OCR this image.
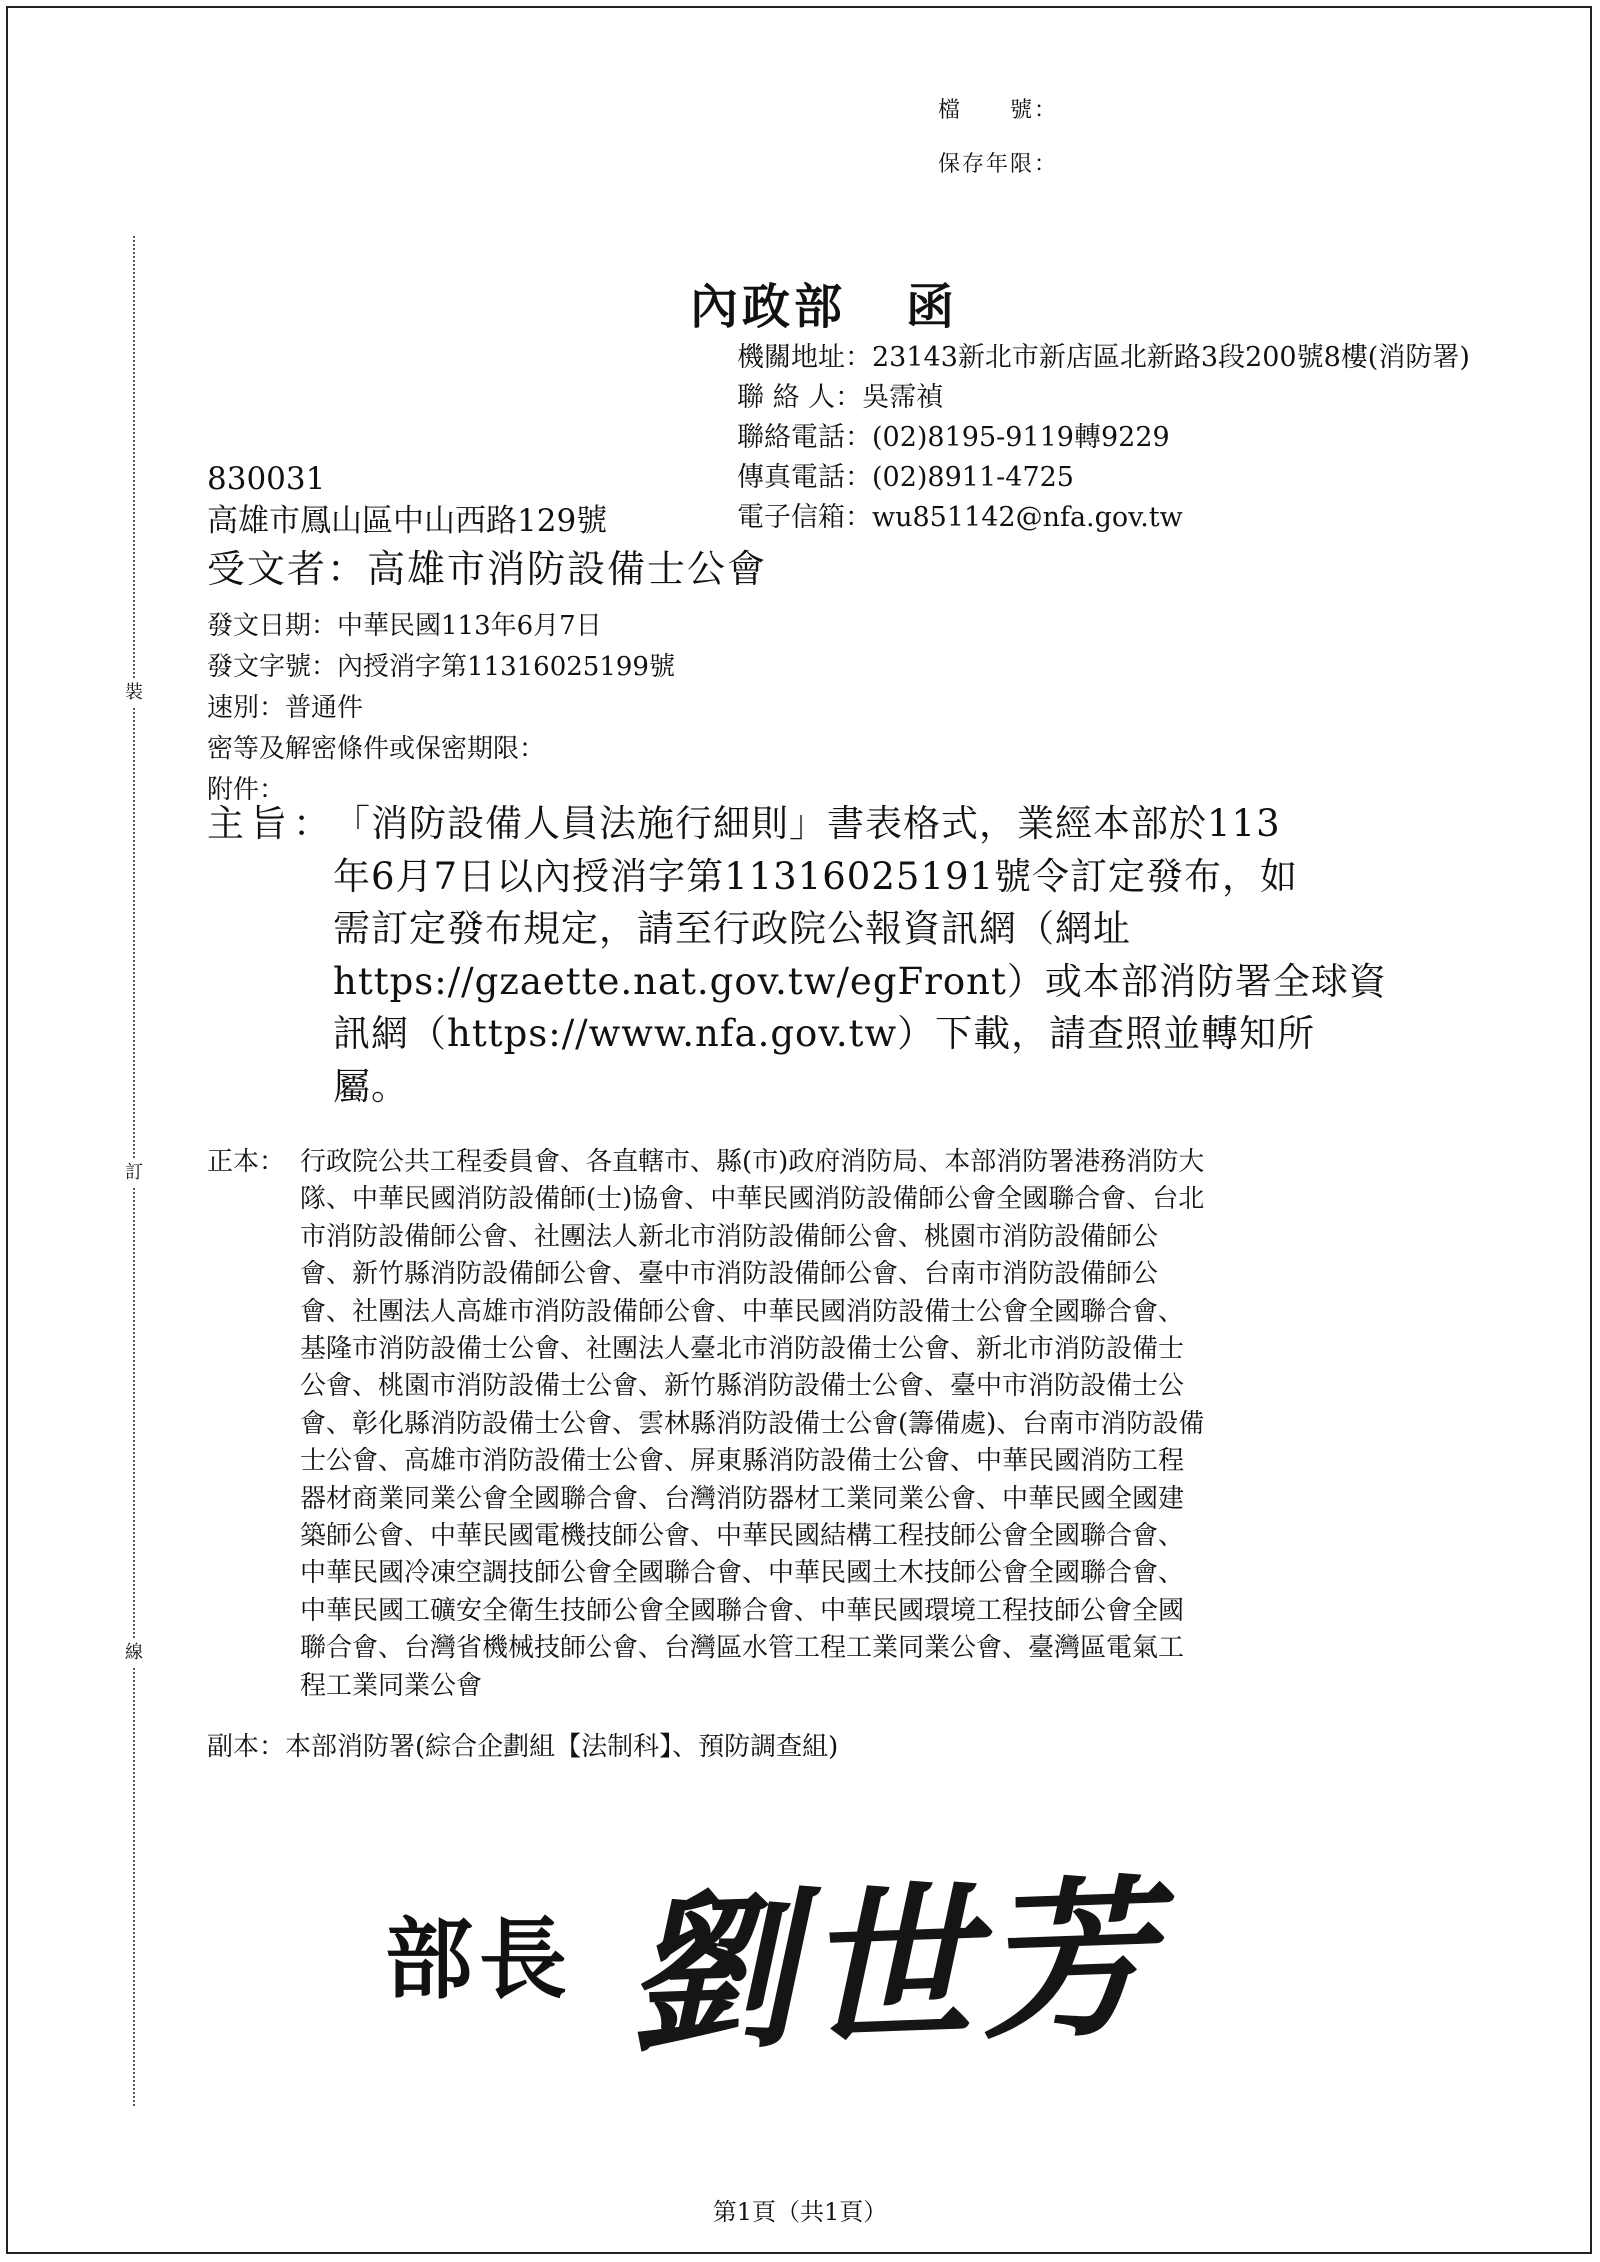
檔　　號：
保存年限：
裝
訂
線
內政部 函
機關地址：23143新北市新店區北新路3段200號8樓(消防署)
聯 絡 人：吳霈禎
聯絡電話：(02)8195-9119轉9229
傳真電話：(02)8911-4725
電子信箱：wu851142@nfa.gov.tw
830031
高雄市鳳山區中山西路129號
受文者：高雄市消防設備士公會
發文日期：中華民國113年6月7日
發文字號：內授消字第11316025199號
速別：普通件
密等及解密條件或保密期限：
附件：
主旨：
「消防設備人員法施行細則」書表格式，業經本部於113
年6月7日以內授消字第11316025191號令訂定發布，如
需訂定發布規定，請至行政院公報資訊網（網址
https://gzaette.nat.gov.tw/egFront）或本部消防署全球資
訊網（https://www.nfa.gov.tw）下載，請查照並轉知所
屬。
正本： 行政院公共工程委員會、各直轄市、縣(市)政府消防局、本部消防署港務消防大
隊、中華民國消防設備師(士)協會、中華民國消防設備師公會全國聯合會、台北
市消防設備師公會、社團法人新北市消防設備師公會、桃園市消防設備師公
會、新竹縣消防設備師公會、臺中市消防設備師公會、台南市消防設備師公
會、社團法人高雄市消防設備師公會、中華民國消防設備士公會全國聯合會、
基隆市消防設備士公會、社團法人臺北市消防設備士公會、新北市消防設備士
公會、桃園市消防設備士公會、新竹縣消防設備士公會、臺中市消防設備士公
會、彰化縣消防設備士公會、雲林縣消防設備士公會(籌備處)、台南市消防設備
士公會、高雄市消防設備士公會、屏東縣消防設備士公會、中華民國消防工程
器材商業同業公會全國聯合會、台灣消防器材工業同業公會、中華民國全國建
築師公會、中華民國電機技師公會、中華民國結構工程技師公會全國聯合會、
中華民國冷凍空調技師公會全國聯合會、中華民國土木技師公會全國聯合會、
中華民國工礦安全衛生技師公會全國聯合會、中華民國環境工程技師公會全國
聯合會、台灣省機械技師公會、台灣區水管工程工業同業公會、臺灣區電氣工
程工業同業公會
副本：本部消防署(綜合企劃組【法制科】、預防調查組)
部長 劉世芳
第1頁（共1頁）
